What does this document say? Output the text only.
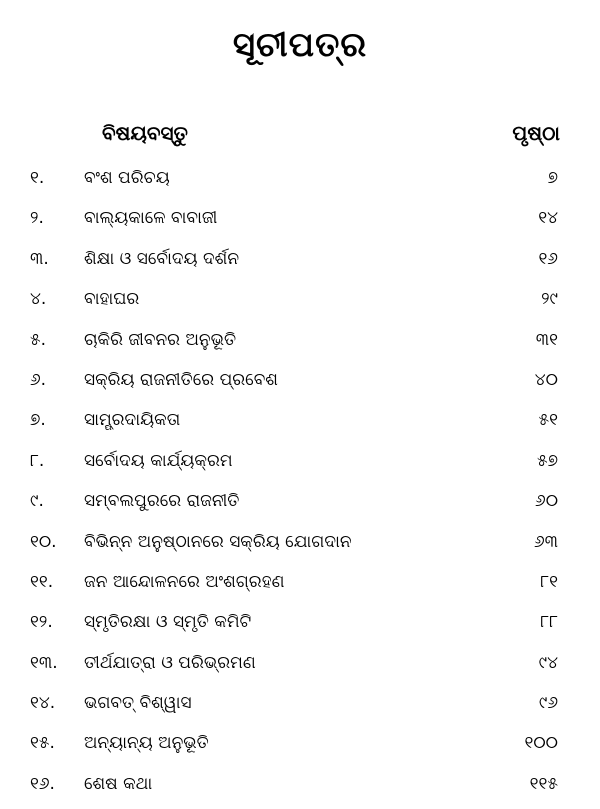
ସୂଚୀପତ୍ର
ବିଷୟବସ୍ତୁ	ପୃଷ୍ଠା
୧.	ବଂଶ ପରିଚୟ	୭
୨.	ବାଲ୍ୟକାଳେ ବାବାଜୀ	୧୪
୩.	ଶିକ୍ଷା ଓ ସର୍ବୋଦୟ ଦର୍ଶନ	୧୬
୪.	ବାହାଘର	୨୯
୫.	ଚାକିରି ଜୀବନର ଅନୁଭୂତି	୩୧
୬.	ସକ୍ରିୟ ରାଜନୀତିରେ ପ୍ରବେଶ	୪୦
୭.	ସାମ୍ପ୍ରଦାୟିକତା	୫୧
୮.	ସର୍ବୋଦୟ କାର୍ଯ୍ୟକ୍ରମ	୫୭
୯.	ସମ୍ବଲପୁରରେ ରାଜନୀତି	୬୦
୧୦.	ବିଭିନ୍ନ ଅନୁଷ୍ଠାନରେ ସକ୍ରିୟ ଯୋଗଦାନ	୬୩
୧୧.	ଜନ ଆନ୍ଦୋଳନରେ ଅଂଶଗ୍ରହଣ	୮୧
୧୨.	ସ୍ମୃତିରକ୍ଷା ଓ ସ୍ମୃତି କମିଟି	୮୮
୧୩.	ତୀର୍ଥଯାତ୍ରା ଓ ପରିଭ୍ରମଣ	୯୪
୧୪.	ଭଗବତ୍ ବିଶ୍ୱାସ	୯୬
୧୫.	ଅନ୍ୟାନ୍ୟ ଅନୁଭୂତି	୧୦୦
୧୬.	ଶେଷ କଥା	୧୧୫
